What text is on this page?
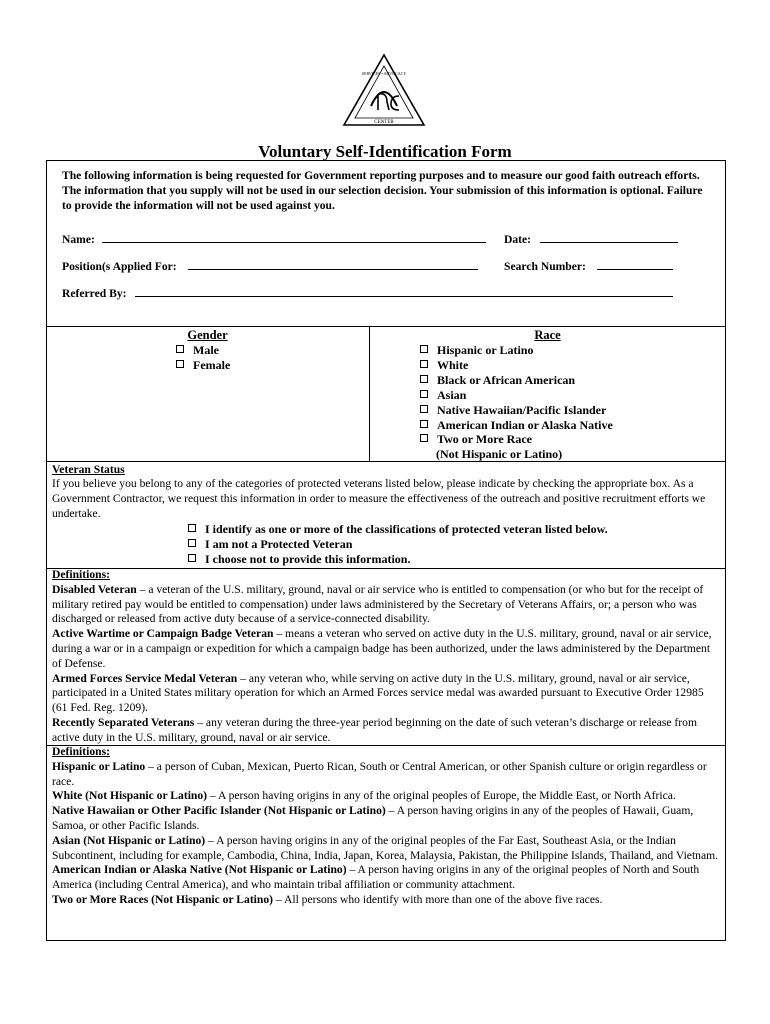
CENTER
SERVICES • ADVOCACY
Voluntary Self-Identification Form
The following information is being requested for Government reporting purposes and to measure our good faith outreach efforts. The information that you supply will not be used in our selection decision. Your submission of this information is optional. Failure to provide the information will not be used against you.
Name:	Date:
Position(s Applied For:	Search Number:
Referred By:
Gender
Male
Female
Race
Hispanic or Latino
White
Black or African American
Asian
Native Hawaiian/Pacific Islander
American Indian or Alaska Native
Two or More Race
(Not Hispanic or Latino)
Veteran Status
If you believe you belong to any of the categories of protected veterans listed below, please indicate by checking the appropriate box. As a Government Contractor, we request this information in order to measure the effectiveness of the outreach and positive recruitment efforts we undertake.
I identify as one or more of the classifications of protected veteran listed below.
I am not a Protected Veteran
I choose not to provide this information.
Definitions:
Disabled Veteran – a veteran of the U.S. military, ground, naval or air service who is entitled to compensation (or who but for the receipt of military retired pay would be entitled to compensation) under laws administered by the Secretary of Veterans Affairs, or; a person who was discharged or released from active duty because of a service-connected disability.
Active Wartime or Campaign Badge Veteran – means a veteran who served on active duty in the U.S. military, ground, naval or air service, during a war or in a campaign or expedition for which a campaign badge has been authorized, under the laws administered by the Department of Defense.
Armed Forces Service Medal Veteran – any veteran who, while serving on active duty in the U.S. military, ground, naval or air service, participated in a United States military operation for which an Armed Forces service medal was awarded pursuant to Executive Order 12985 (61 Fed. Reg. 1209).
Recently Separated Veterans – any veteran during the three-year period beginning on the date of such veteran’s discharge or release from active duty in the U.S. military, ground, naval or air service.
Definitions:
Hispanic or Latino – a person of Cuban, Mexican, Puerto Rican, South or Central American, or other Spanish culture or origin regardless or race.
White (Not Hispanic or Latino) – A person having origins in any of the original peoples of Europe, the Middle East, or North Africa.
Native Hawaiian or Other Pacific Islander (Not Hispanic or Latino) – A person having origins in any of the peoples of Hawaii, Guam, Samoa, or other Pacific Islands.
Asian (Not Hispanic or Latino) – A person having origins in any of the original peoples of the Far East, Southeast Asia, or the Indian Subcontinent, including for example, Cambodia, China, India, Japan, Korea, Malaysia, Pakistan, the Philippine Islands, Thailand, and Vietnam.
American Indian or Alaska Native (Not Hispanic or Latino) – A person having origins in any of the original peoples of North and South America (including Central America), and who maintain tribal affiliation or community attachment.
Two or More Races (Not Hispanic or Latino) – All persons who identify with more than one of the above five races.
